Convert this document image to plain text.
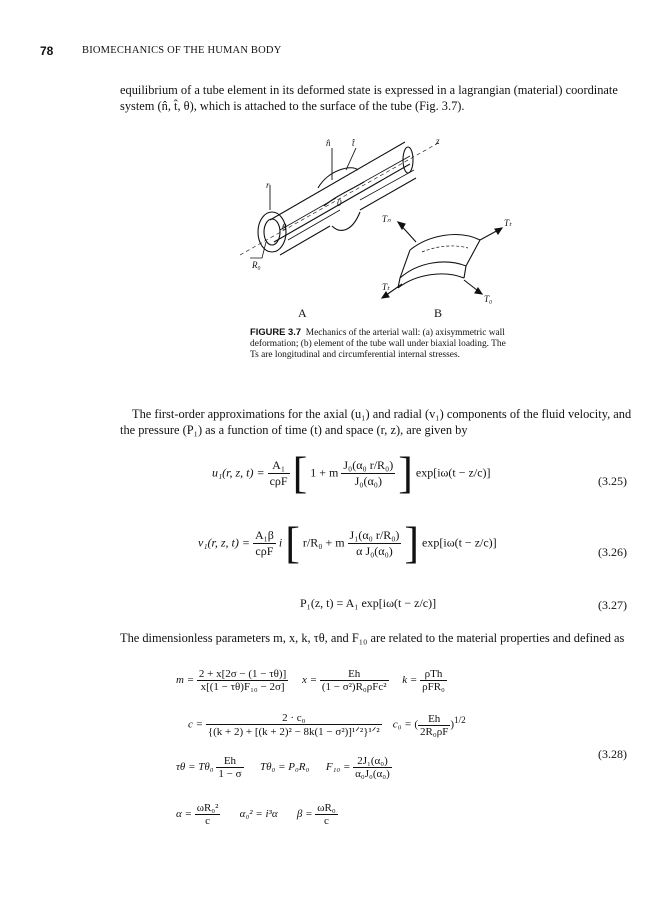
78	BIOMECHANICS OF THE HUMAN BODY
equilibrium of a tube element in its deformed state is expressed in a lagrangian (material) coordinate system (n̂, t̂, θ), which is attached to the surface of the tube (Fig. 3.7).
n̂ t̂	z
r
θ
0
R₀
Tₙ	Tₜ
Tₜ
T₀
A	B
FIGURE 3.7 Mechanics of the arterial wall: (a) axisymmetric wall deformation; (b) element of the tube wall under biaxial loading. The Ts are longitudinal and circumferential internal stresses.
The first-order approximations for the axial (u₁) and radial (v₁) components of the fluid velocity, and the pressure (P₁) as a function of time (t) and space (r, z), are given by
u₁(r, z, $t) = \frac{\text{A₁}}{\text{cρF}}$ [ 1 + m $\frac{\text{J₀(α₀ r/R₀)}}{\text{J₀(α₀)}}$ ] exp[iω(t − z/c)]
(3.25)
v₁(r, z, $t) = \frac{\text{A₁β}}{\text{cρF}}$ i [ r/R₀ + m $\frac{\text{J₁(α₀ r/R₀)}}{\text{α J₀(α₀)}}$ ] exp[iω(t − z/c)]
(3.26)
P₁(z, t) = A₁ exp[iω(t − z/c)]	(3.27)
The dimensionless parameters m, x, k, τθ, and F₁₀ are related to the material properties and defined as
$m = \frac{2 + x[2\sigma - (1 - \tau\theta)]}{\text{x[(1 − τθ)F₁₀ − 2σ]}}$ $x = \frac{Eh}{\text{(1 − σ²)R₀ρFc²}}$ $k = \frac{\text{ρTh}}{\text{ρFR₀}}$
$c = \frac{\text{2 · c₀}}{\text{\{(k + 2) + [(k + 2)² − 8k(1 − σ²)]¹ᐟ²\}¹ᐟ²}} c_0$ = ( $\frac{Eh}{\text{2R₀ρF}} )^{1/2}$
(3.28)
$\tau\theta = T\theta_0 \frac{Eh}{1 - \sigma} T\theta_0 = P_0R_0$ $F_{10} = \frac{\text{2J₁(α₀)}}{\text{α₀J₀(α₀)}}$
$\alpha = \frac{\text{ωR₀²}}{c} \alpha_0^2 = i^3\alpha$ $\beta = \frac{\text{ωR₀}}{c}$
